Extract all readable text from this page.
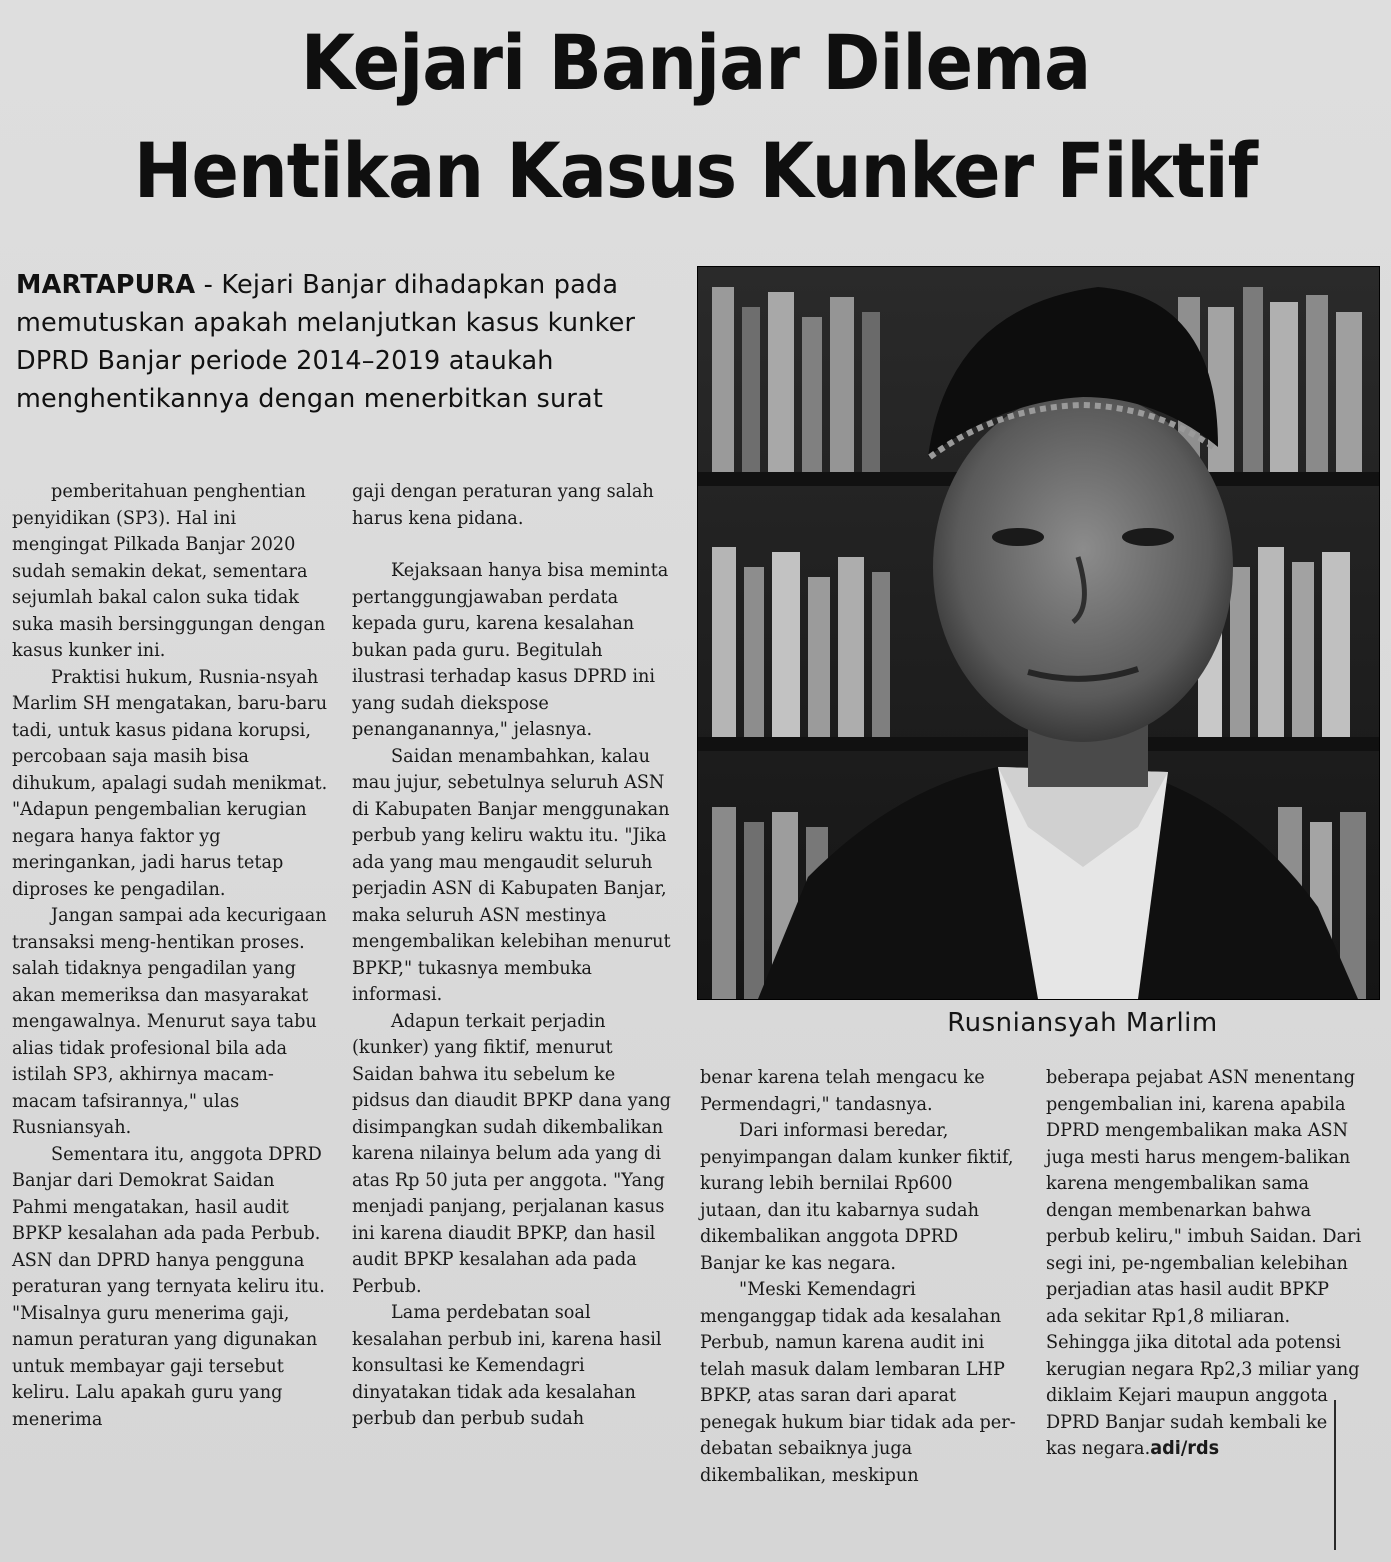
Kejari Banjar Dilema
Hentikan Kasus Kunker Fiktif

MARTAPURA - Kejari Banjar dihadapkan pada memutuskan apakah melanjutkan kasus kunker DPRD Banjar periode 2014–2019 ataukah menghentikannya dengan menerbitkan surat

Rusniansyah Marlim

pemberitahuan penghentian penyidikan (SP3). Hal ini mengingat Pilkada Banjar 2020 sudah semakin dekat, sementara sejumlah bakal calon suka tidak suka masih bersinggungan dengan kasus kunker ini.

Praktisi hukum, Rusnia-nsyah Marlim SH mengatakan, baru-baru tadi, untuk kasus pidana korupsi, percobaan saja masih bisa dihukum, apalagi sudah menikmat. "Adapun pengembalian kerugian negara hanya faktor yg meringankan, jadi harus tetap diproses ke pengadilan.

Jangan sampai ada kecurigaan transaksi meng-hentikan proses. salah tidaknya pengadilan yang akan memeriksa dan masyarakat mengawalnya. Menurut saya tabu alias tidak profesional bila ada istilah SP3, akhirnya macam-macam tafsirannya," ulas Rusniansyah.

Sementara itu, anggota DPRD Banjar dari Demokrat Saidan Pahmi mengatakan, hasil audit BPKP kesalahan ada pada Perbub. ASN dan DPRD hanya pengguna peraturan yang ternyata keliru itu. "Misalnya guru menerima gaji, namun peraturan yang digunakan untuk membayar gaji tersebut keliru. Lalu apakah guru yang menerima

gaji dengan peraturan yang salah harus kena pidana.

Kejaksaan hanya bisa meminta pertanggungjawaban perdata kepada guru, karena kesalahan bukan pada guru. Begitulah ilustrasi terhadap kasus DPRD ini yang sudah diekspose penanganannya," jelasnya.

Saidan menambahkan, kalau mau jujur, sebetulnya seluruh ASN di Kabupaten Banjar menggunakan perbub yang keliru waktu itu. "Jika ada yang mau mengaudit seluruh perjadin ASN di Kabupaten Banjar, maka seluruh ASN mestinya mengembalikan kelebihan menurut BPKP," tukasnya membuka informasi.

Adapun terkait perjadin (kunker) yang fiktif, menurut Saidan bahwa itu sebelum ke pidsus dan diaudit BPKP dana yang disimpangkan sudah dikembalikan karena nilainya belum ada yang di atas Rp 50 juta per anggota. "Yang menjadi panjang, perjalanan kasus ini karena diaudit BPKP, dan hasil audit BPKP kesalahan ada pada Perbub.

Lama perdebatan soal kesalahan perbub ini, karena hasil konsultasi ke Kemendagri dinyatakan tidak ada kesalahan perbub dan perbub sudah

benar karena telah mengacu ke Permendagri," tandasnya.

Dari informasi beredar, penyimpangan dalam kunker fiktif, kurang lebih bernilai Rp600 jutaan, dan itu kabarnya sudah dikembalikan anggota DPRD Banjar ke kas negara.

"Meski Kemendagri menganggap tidak ada kesalahan Perbub, namun karena audit ini telah masuk dalam lembaran LHP BPKP, atas saran dari aparat penegak hukum biar tidak ada per-debatan sebaiknya juga dikembalikan, meskipun

beberapa pejabat ASN menentang pengembalian ini, karena apabila DPRD mengembalikan maka ASN juga mesti harus mengem-balikan karena mengembalikan sama dengan membenarkan bahwa perbub keliru," imbuh Saidan. Dari segi ini, pe-ngembalian kelebihan perjadian atas hasil audit BPKP ada sekitar Rp1,8 miliaran. Sehingga jika ditotal ada potensi kerugian negara Rp2,3 miliar yang diklaim Kejari maupun anggota DPRD Banjar sudah kembali ke kas negara.adi/rds
